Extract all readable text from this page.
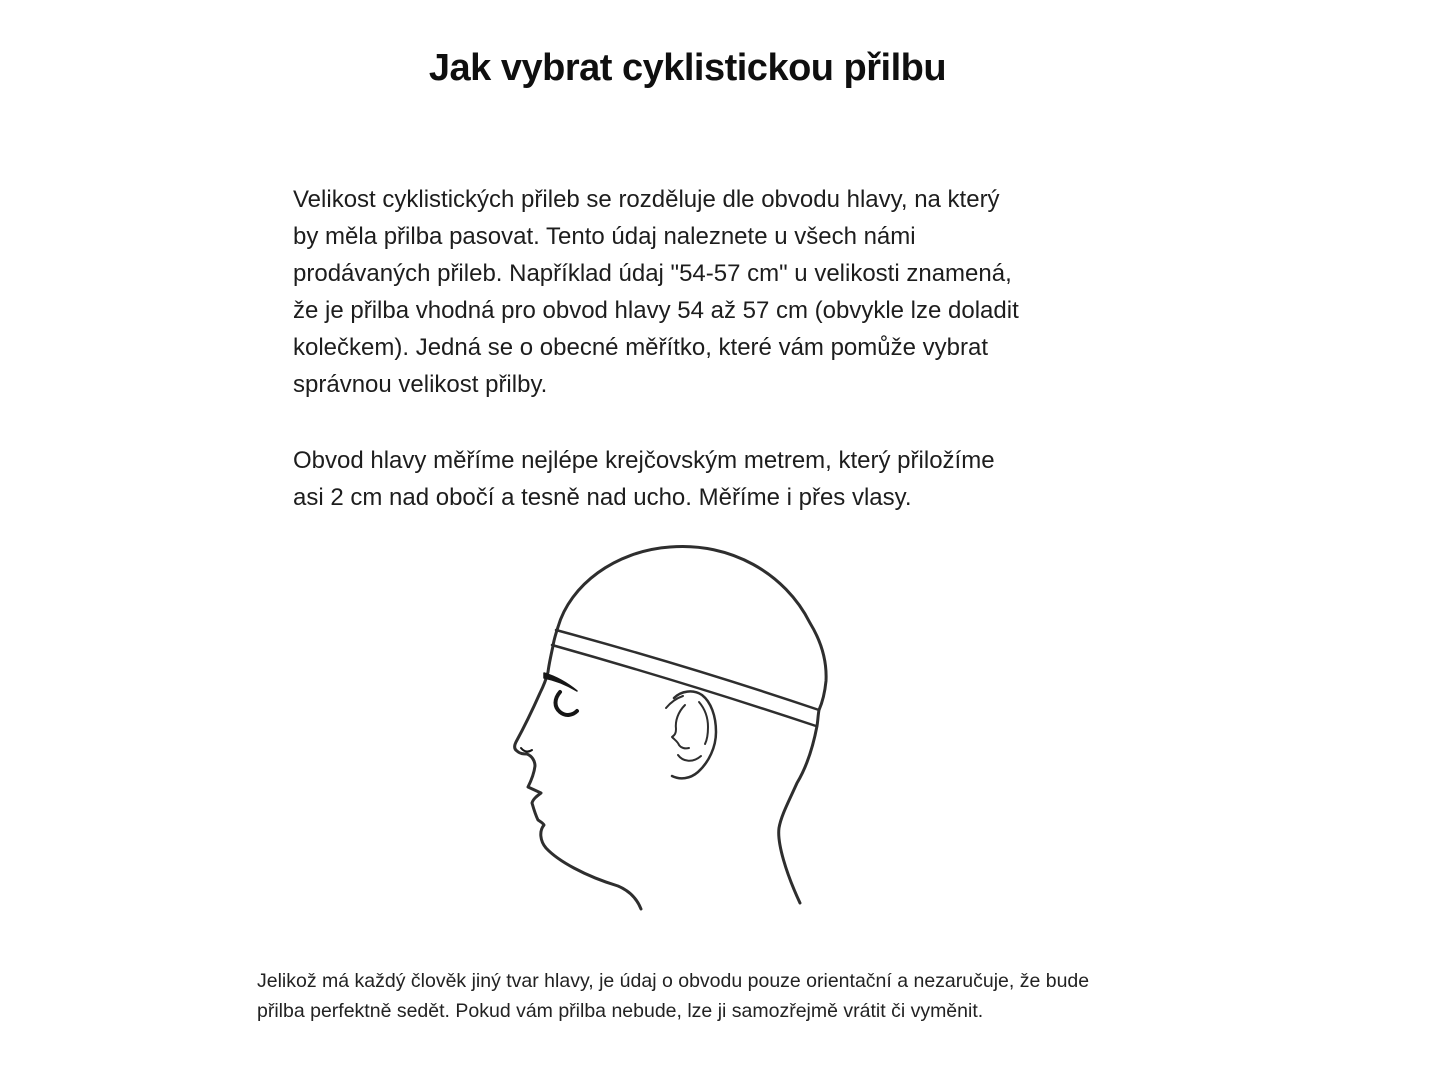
Jak vybrat cyklistickou přilbu
Velikost cyklistických přileb se rozděluje dle obvodu hlavy, na který
by měla přilba pasovat. Tento údaj naleznete u všech námi
prodávaných přileb. Například údaj "54-57 cm" u velikosti znamená,
že je přilba vhodná pro obvod hlavy 54 až 57 cm (obvykle lze doladit
kolečkem). Jedná se o obecné měřítko, které vám pomůže vybrat
správnou velikost přilby.
Obvod hlavy měříme nejlépe krejčovským metrem, který přiložíme
asi 2 cm nad obočí a tesně nad ucho. Měříme i přes vlasy.
Jelikož má každý člověk jiný tvar hlavy, je údaj o obvodu pouze orientační a nezaručuje, že bude
přilba perfektně sedět. Pokud vám přilba nebude, lze ji samozřejmě vrátit či vyměnit.
